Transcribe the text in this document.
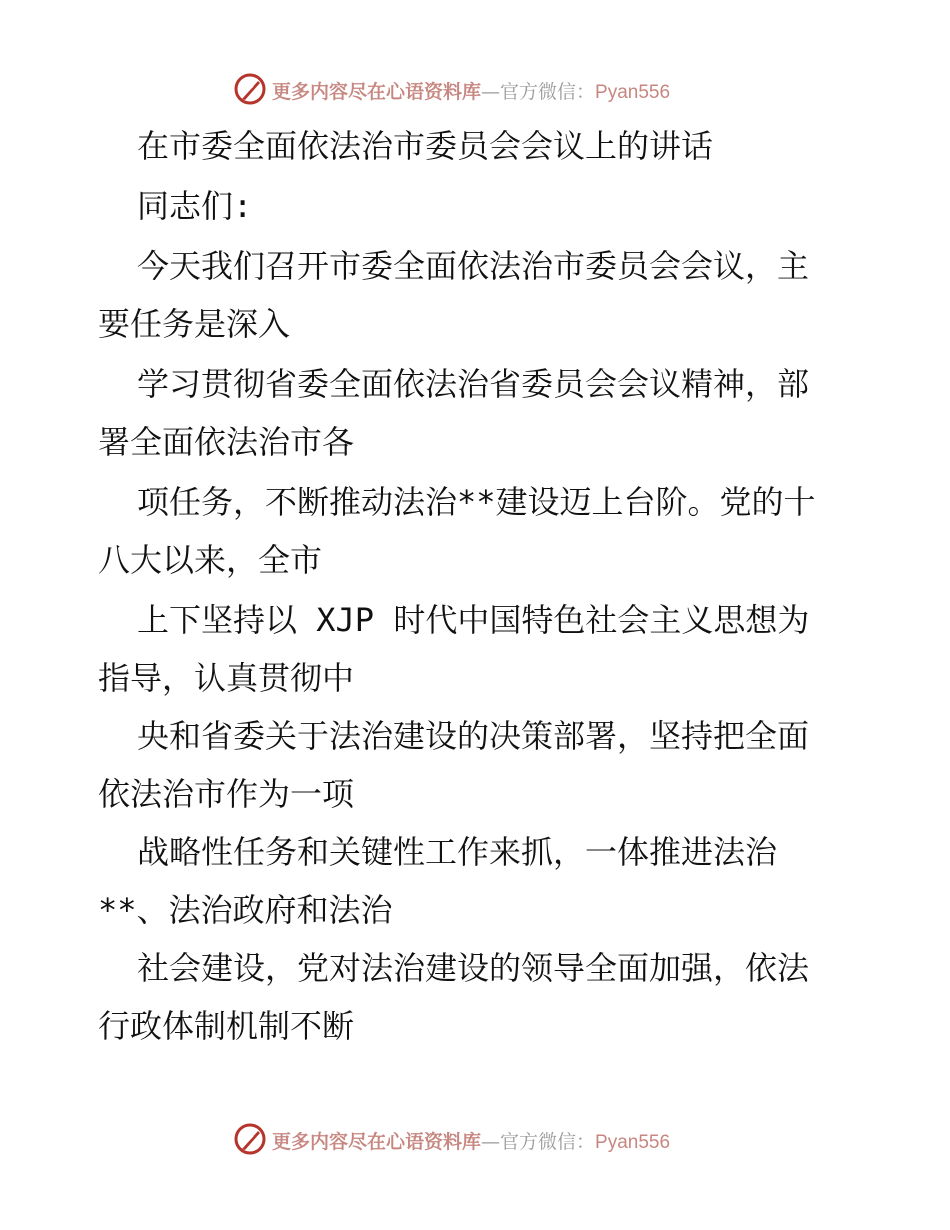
更多内容尽在心语资料库—官方微信：Pyan556
在市委全面依法治市委员会会议上的讲话
同志们:
今天我们召开市委全面依法治市委员会会议，主
要任务是深入
学习贯彻省委全面依法治省委员会会议精神，部
署全面依法治市各
项任务，不断推动法治**建设迈上台阶。党的十
八大以来，全市
上下坚持以 XJP 时代中国特色社会主义思想为
指导，认真贯彻中
央和省委关于法治建设的决策部署，坚持把全面
依法治市作为一项
战略性任务和关键性工作来抓，一体推进法治
**、法治政府和法治
社会建设，党对法治建设的领导全面加强，依法
行政体制机制不断
更多内容尽在心语资料库—官方微信：Pyan556
